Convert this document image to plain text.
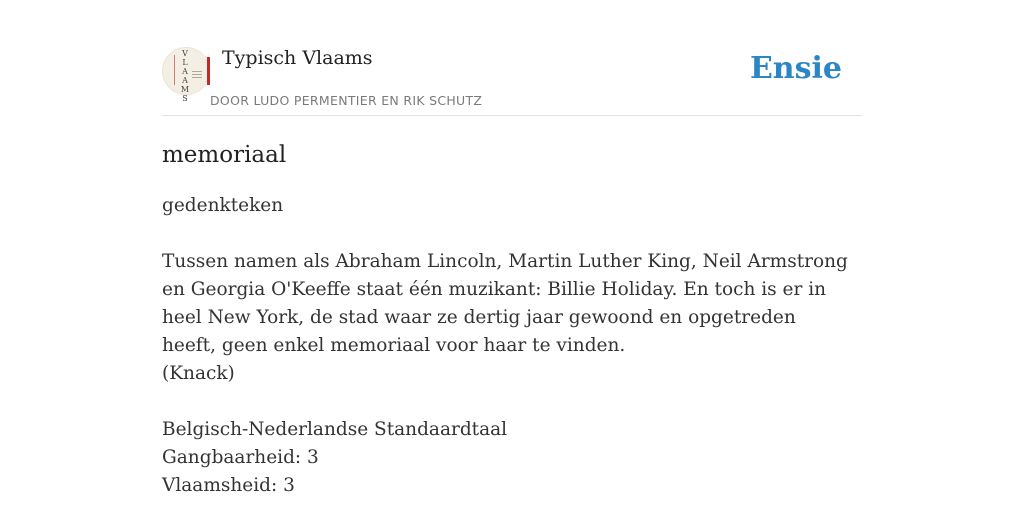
V
L
A
A
M
S
Typisch Vlaams
DOOR LUDO PERMENTIER EN RIK SCHUTZ
Ensie
memoriaal

gedenkteken

Tussen namen als Abraham Lincoln, Martin Luther King, Neil Armstrong en Georgia O'Keeffe staat één muzikant: Billie Holiday. En toch is er in heel New York, de stad waar ze dertig jaar gewoond en opgetreden heeft, geen enkel memoriaal voor haar te vinden.

(Knack)

Belgisch-Nederlandse Standaardtaal

Gangbaarheid: 3

Vlaamsheid: 3
